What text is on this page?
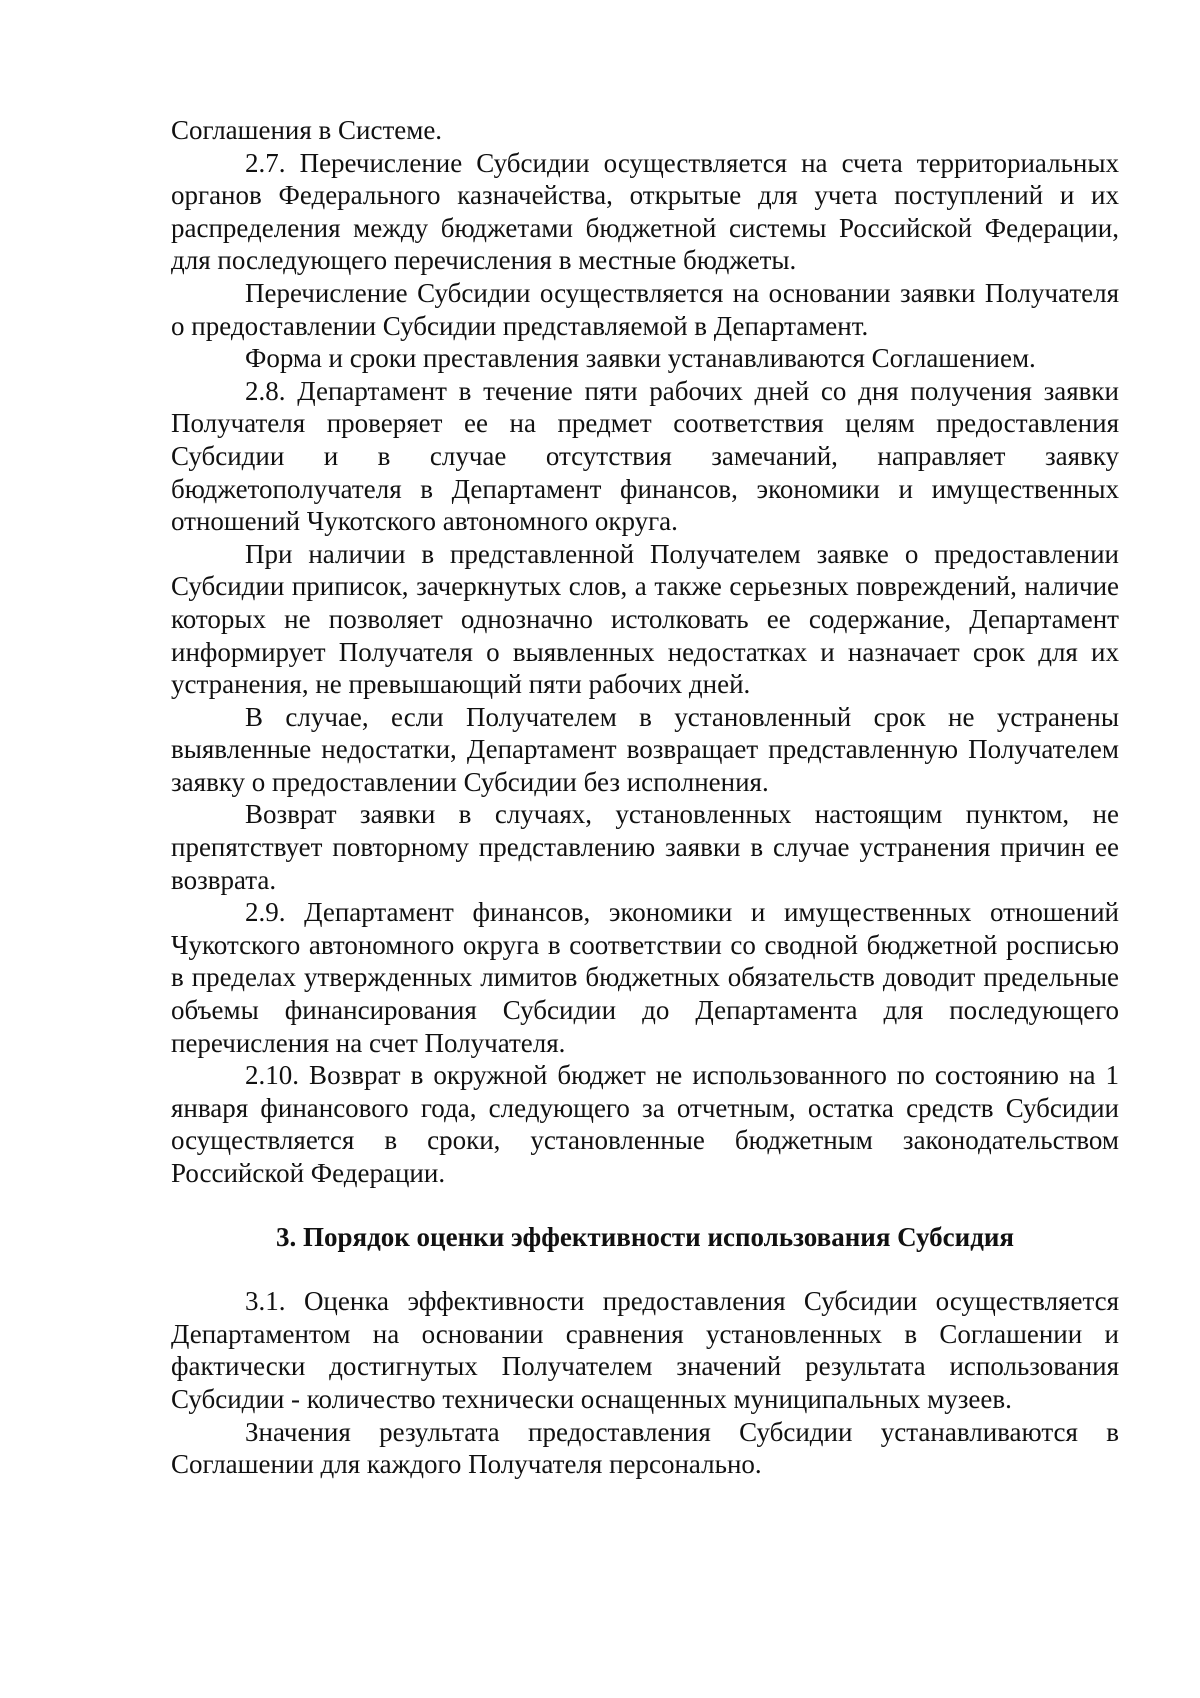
Соглашения в Системе.

2.7. Перечисление Субсидии осуществляется на счета территориальных органов Федерального казначейства, открытые для учета поступлений и их распределения между бюджетами бюджетной системы Российской Федерации, для последующего перечисления в местные бюджеты.

Перечисление Субсидии осуществляется на основании заявки Получателя о предоставлении Субсидии представляемой в Департамент.

Форма и сроки преставления заявки устанавливаются Соглашением.

2.8. Департамент в течение пяти рабочих дней со дня получения заявки Получателя проверяет ее на предмет соответствия целям предоставления Субсидии и в случае отсутствия замечаний, направляет заявку бюджетополучателя в Департамент финансов, экономики и имущественных отношений Чукотского автономного округа.

При наличии в представленной Получателем заявке о предоставлении Субсидии приписок, зачеркнутых слов, а также серьезных повреждений, наличие которых не позволяет однозначно истолковать ее содержание, Департамент информирует Получателя о выявленных недостатках и назначает срок для их устранения, не превышающий пяти рабочих дней.

В случае, если Получателем в установленный срок не устранены выявленные недостатки, Департамент возвращает представленную Получателем заявку о предоставлении Субсидии без исполнения.

Возврат заявки в случаях, установленных настоящим пунктом, не препятствует повторному представлению заявки в случае устранения причин ее возврата.

2.9. Департамент финансов, экономики и имущественных отношений Чукотского автономного округа в соответствии со сводной бюджетной росписью в пределах утвержденных лимитов бюджетных обязательств доводит предельные объемы финансирования Субсидии до Департамента для последующего перечисления на счет Получателя.

2.10. Возврат в окружной бюджет не использованного по состоянию на 1 января финансового года, следующего за отчетным, остатка средств Субсидии осуществляется в сроки, установленные бюджетным законодательством Российской Федерации.

3. Порядок оценки эффективности использования Субсидия

3.1. Оценка эффективности предоставления Субсидии осуществляется Департаментом на основании сравнения установленных в Соглашении и фактически достигнутых Получателем значений результата использования Субсидии - количество технически оснащенных муниципальных музеев.

Значения результата предоставления Субсидии устанавливаются в Соглашении для каждого Получателя персонально.
